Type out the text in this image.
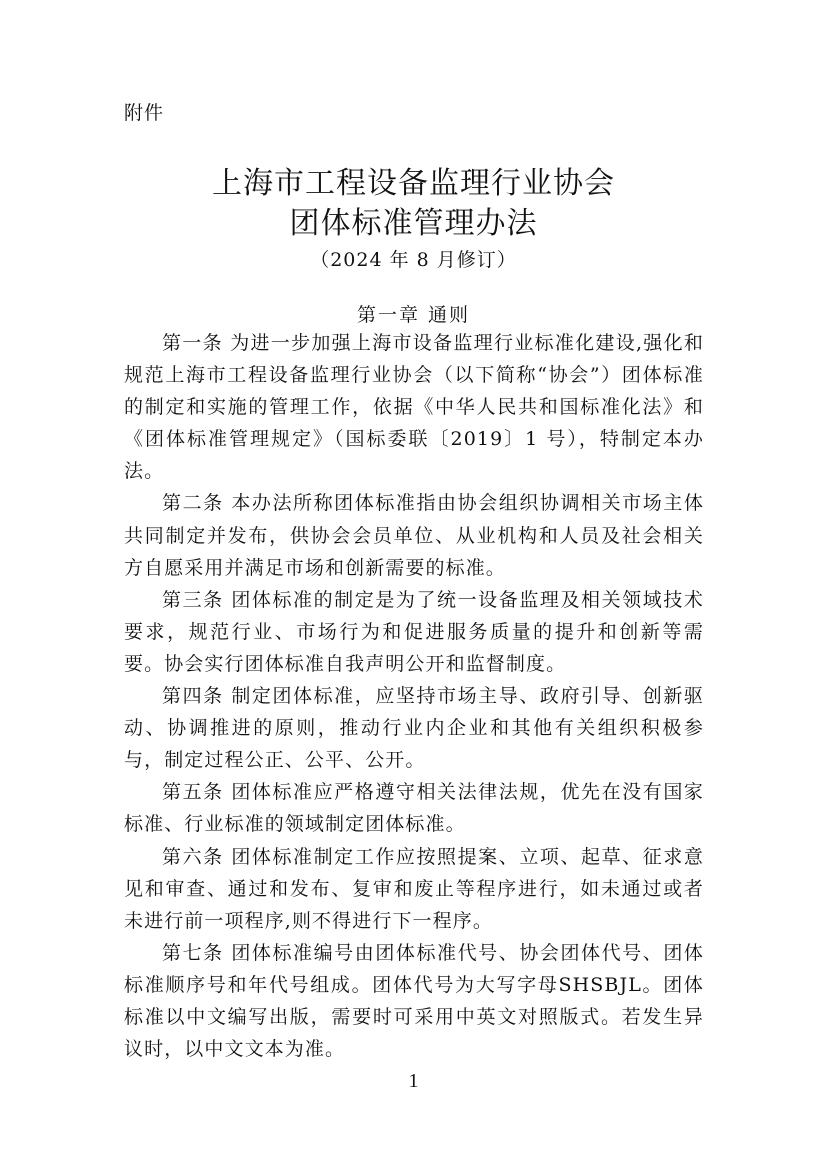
附件
上海市工程设备监理行业协会
团体标准管理办法
（2024 年 8 月修订）
第一章 通则

第一条 为进一步加强上海市设备监理行业标准化建设,强化和规范上海市工程设备监理行业协会（以下简称“协会”）团体标准的制定和实施的管理工作，依据《中华人民共和国标准化法》和《团体标准管理规定》（国标委联〔2019〕1 号），特制定本办法。

第二条 本办法所称团体标准指由协会组织协调相关市场主体共同制定并发布，供协会会员单位、从业机构和人员及社会相关方自愿采用并满足市场和创新需要的标准。

第三条 团体标准的制定是为了统一设备监理及相关领域技术要求，规范行业、市场行为和促进服务质量的提升和创新等需要。协会实行团体标准自我声明公开和监督制度。

第四条 制定团体标准，应坚持市场主导、政府引导、创新驱动、协调推进的原则，推动行业内企业和其他有关组织积极参与，制定过程公正、公平、公开。

第五条 团体标准应严格遵守相关法律法规，优先在没有国家标准、行业标准的领域制定团体标准。

第六条 团体标准制定工作应按照提案、立项、起草、征求意见和审查、通过和发布、复审和废止等程序进行，如未通过或者未进行前一项程序,则不得进行下一程序。

第七条 团体标准编号由团体标准代号、协会团体代号、团体标准顺序号和年代号组成。团体代号为大写字母SHSBJL。团体标准以中文编写出版，需要时可采用中英文对照版式。若发生异议时，以中文文本为准。

1
